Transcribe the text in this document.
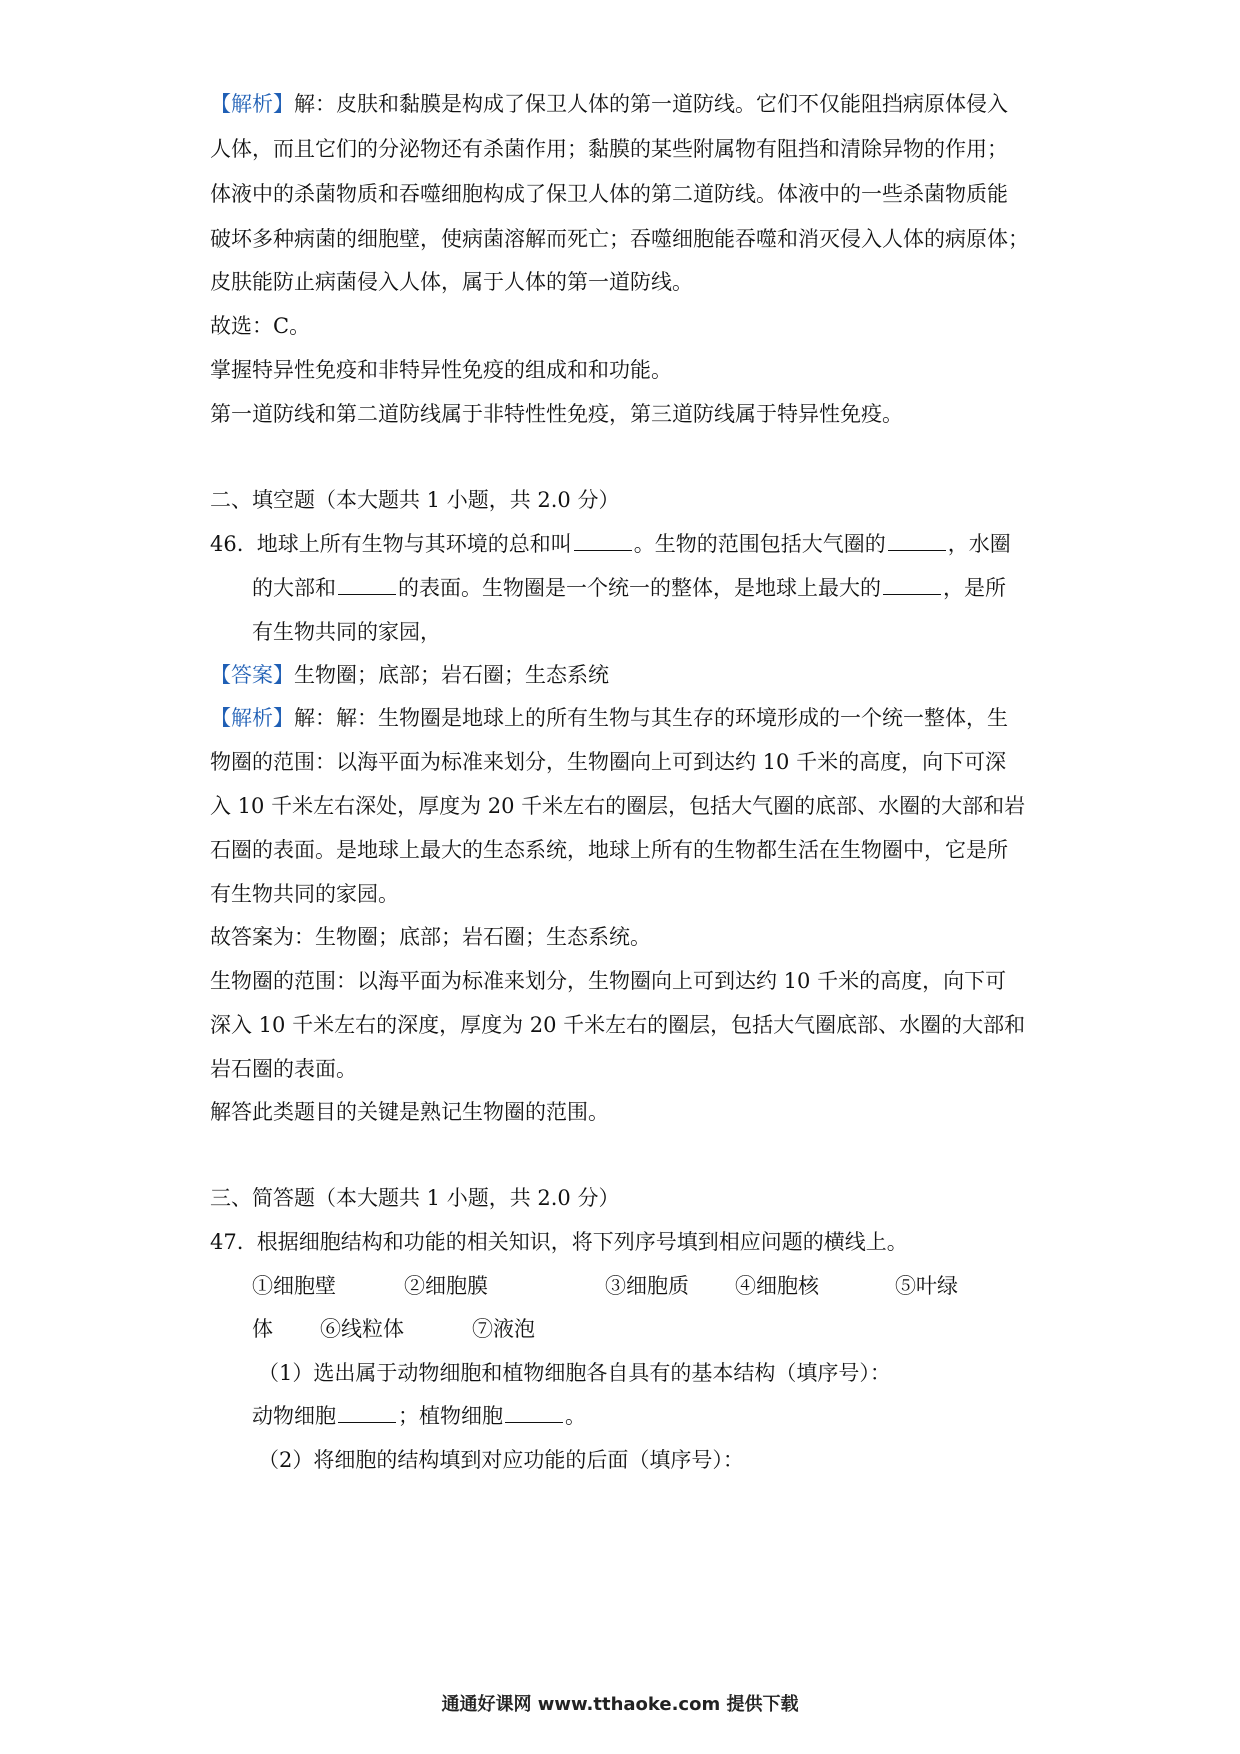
【解析】解：皮肤和黏膜是构成了保卫人体的第一道防线。它们不仅能阻挡病原体侵入
人体，而且它们的分泌物还有杀菌作用；黏膜的某些附属物有阻挡和清除异物的作用；
体液中的杀菌物质和吞噬细胞构成了保卫人体的第二道防线。体液中的一些杀菌物质能
破坏多种病菌的细胞壁，使病菌溶解而死亡；吞噬细胞能吞噬和消灭侵入人体的病原体；
皮肤能防止病菌侵入人体，属于人体的第一道防线。
故选：C。
掌握特异性免疫和非特异性免疫的组成和和功能。
第一道防线和第二道防线属于非特性性免疫，第三道防线属于特异性免疫。
二、填空题（本大题共 1 小题，共 2.0 分）
46. 地球上所有生物与其环境的总和叫	。生物的范围包括大气圈的	，水圈
的大部和	的表面。生物圈是一个统一的整体，是地球上最大的	，是所
有生物共同的家园，
【答案】生物圈；底部；岩石圈；生态系统
【解析】解：解：生物圈是地球上的所有生物与其生存的环境形成的一个统一整体，生
物圈的范围：以海平面为标准来划分，生物圈向上可到达约 10 千米的高度，向下可深
入 10 千米左右深处，厚度为 20 千米左右的圈层，包括大气圈的底部、水圈的大部和岩
石圈的表面。是地球上最大的生态系统，地球上所有的生物都生活在生物圈中，它是所
有生物共同的家园。
故答案为：生物圈；底部；岩石圈；生态系统。
生物圈的范围：以海平面为标准来划分，生物圈向上可到达约 10 千米的高度，向下可
深入 10 千米左右的深度，厚度为 20 千米左右的圈层，包括大气圈底部、水圈的大部和
岩石圈的表面。
解答此类题目的关键是熟记生物圈的范围。
三、简答题（本大题共 1 小题，共 2.0 分）
47. 根据细胞结构和功能的相关知识，将下列序号填到相应问题的横线上。
①细胞壁	②细胞膜	③细胞质 ④细胞核	⑤叶绿
体 ⑥线粒体	⑦液泡
（1）选出属于动物细胞和植物细胞各自具有的基本结构（填序号）：
动物细胞	；植物细胞	。
（2）将细胞的结构填到对应功能的后面（填序号）：
通通好课网 www.tthaoke.com 提供下载
